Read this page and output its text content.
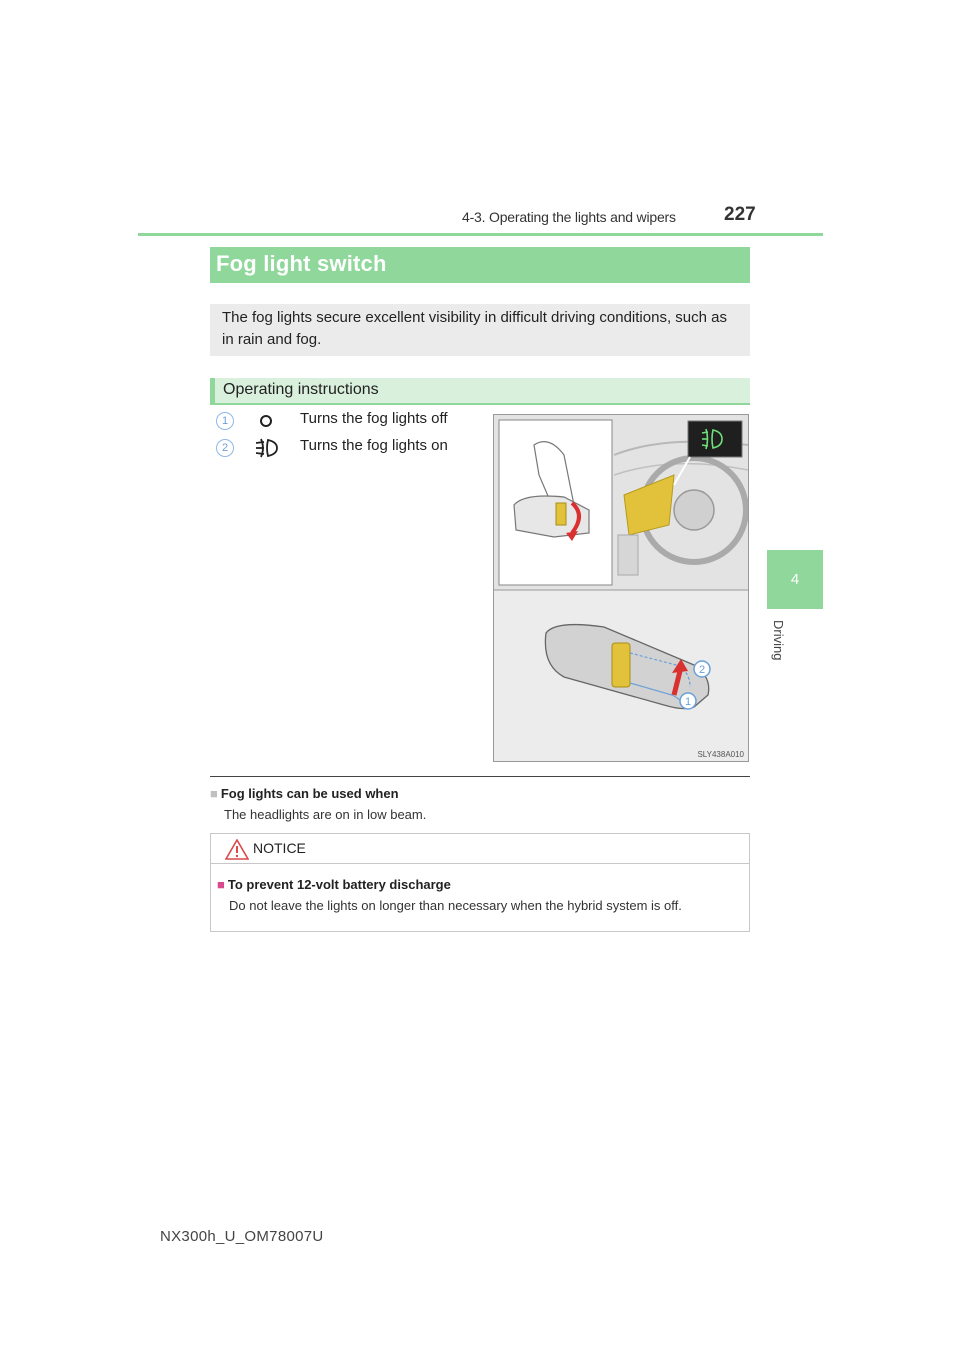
4-3. Operating the lights and wipers	227
4
Driving
Fog light switch
The fog lights secure excellent visibility in difficult driving conditions, such as in rain and fog.
Operating instructions
1	Turns the fog lights off
2	Turns the fog lights on
2
1
SLY438A010
■ Fog lights can be used when
The headlights are on in low beam.
NOTICE
■ To prevent 12-volt battery discharge
Do not leave the lights on longer than necessary when the hybrid system is off.
NX300h_U_OM78007U
